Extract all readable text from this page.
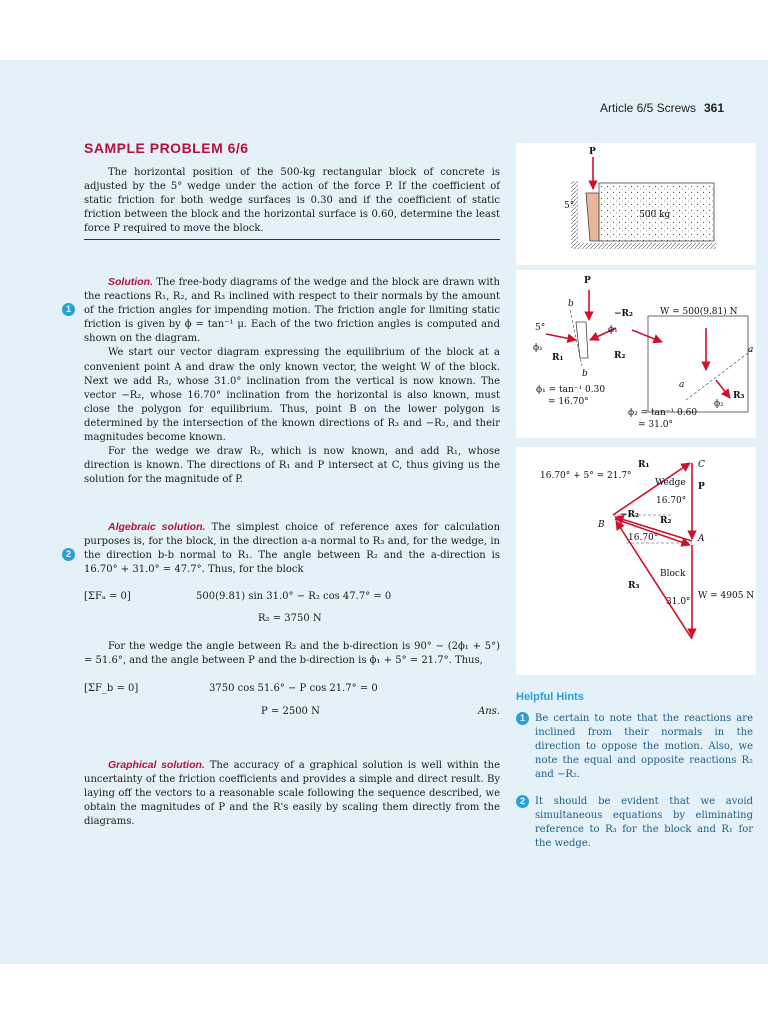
Article 6/5 Screws 361
SAMPLE PROBLEM 6/6

The horizontal position of the 500-kg rectangular block of concrete is adjusted by the 5° wedge under the action of the force P. If the coefficient of static friction for both wedge surfaces is 0.30 and if the coefficient of static friction between the block and the horizontal surface is 0.60, determine the least force P required to move the block.

Solution. The free-body diagrams of the wedge and the block are drawn with the reactions R₁, R₂, and R₃ inclined with respect to their normals by the amount of the friction angles for impending motion. The friction angle for limiting static friction is given by ϕ = tan⁻¹ μ. Each of the two friction angles is computed and shown on the diagram.

We start our vector diagram expressing the equilibrium of the block at a convenient point A and draw the only known vector, the weight W of the block. Next we add R₃, whose 31.0° inclination from the vertical is now known. The vector −R₂, whose 16.70° inclination from the horizontal is also known, must close the polygon for equilibrium. Thus, point B on the lower polygon is determined by the intersection of the known directions of R₃ and −R₂, and their magnitudes become known.

For the wedge we draw R₂, which is now known, and add R₁, whose direction is known. The directions of R₁ and P intersect at C, thus giving us the solution for the magnitude of P.

1

Algebraic solution. The simplest choice of reference axes for calculation purposes is, for the block, in the direction a-a normal to R₃ and, for the wedge, in the direction b-b normal to R₁. The angle between R₂ and the a-direction is 16.70° + 31.0° = 47.7°. Thus, for the block

2
[ΣFₐ = 0]	500(9.81) sin 31.0° − R₂ cos 47.7° = 0
R₂ = 3750 N

For the wedge the angle between R₂ and the b-direction is 90° − (2ϕ₁ + 5°) = 51.6°, and the angle between P and the b-direction is ϕ₁ + 5° = 21.7°. Thus,

[ΣF_b = 0]	3750 cos 51.6° − P cos 21.7° = 0
P = 2500 N	Ans.

Graphical solution. The accuracy of a graphical solution is well within the uncertainty of the friction coefficients and provides a simple and direct result. By laying off the vectors to a reasonable scale following the sequence described, we obtain the magnitudes of P and the R's easily by scaling them directly from the diagrams.

Helpful Hints
1	Be certain to note that the reactions are inclined from their normals in the direction to oppose the motion. Also, we note the equal and opposite reactions R₂ and −R₂.
2	It should be evident that we avoid simultaneous equations by eliminating reference to R₃ for the block and R₁ for the wedge.
P
5°
500 kg
P
b
b
5°
ϕ₁
ϕ₁
R₁	R₂
−R₂	W = 500(9.81) N
a
a
R₃
ϕ₂
ϕ₁ = tan⁻¹ 0.30
= 16.70°
ϕ₂ = tan⁻¹ 0.60
= 31.0°
16.70° + 5° = 21.7°
R₁	C
Wedge P
16.70°
B
−R₂
R₂
16.70°	A
Block
R₃
31.0°
W = 4905 N
